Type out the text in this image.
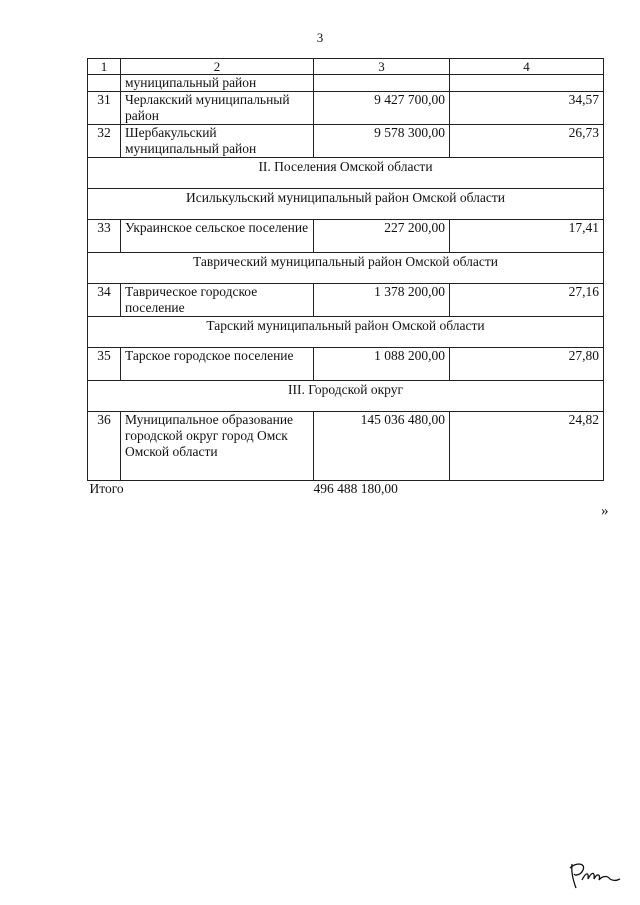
3
1	2	3	4
	муниципальный район		
31	Черлакский муниципальный район	9 427 700,00	34,57
32	Шербакульский муниципальный район	9 578 300,00	26,73
II. Поселения Омской области			
Исилькульский муниципальный район Омской области			
33	Украинское сельское поселение	227 200,00	17,41
Таврический муниципальный район Омской области			
34	Таврическое городское поселение	1 378 200,00	27,16
Тарский муниципальный район Омской области			
35	Тарское городское поселение	1 088 200,00	27,80
III. Городской округ			
36	Муниципальное образование городской округ город Омск Омской области	145 036 480,00	24,82
Итого		496 488 180,00	
»
